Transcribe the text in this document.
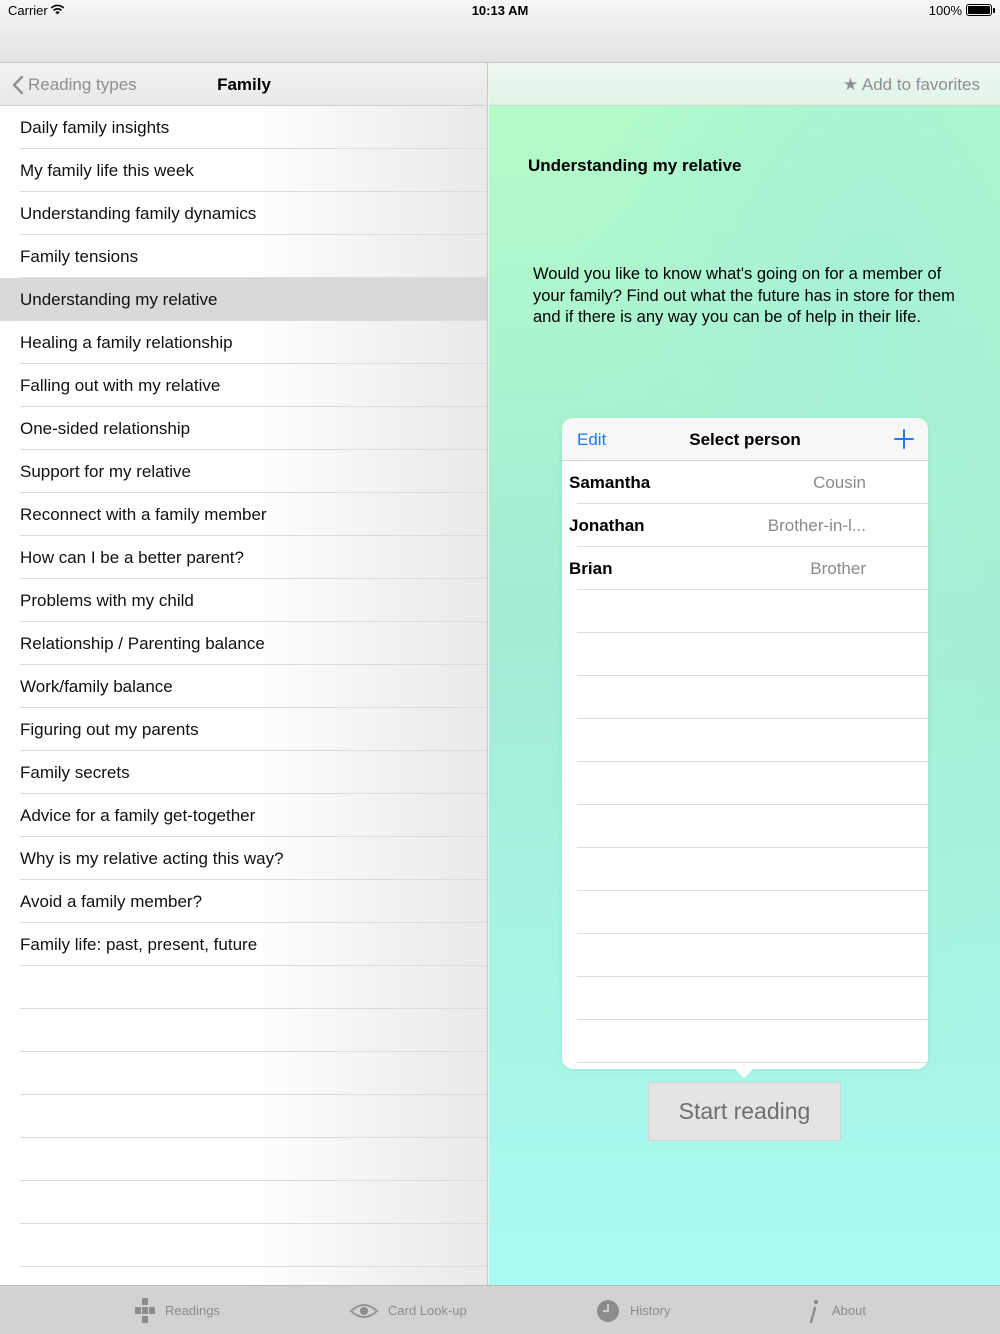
Carrier	10:13 AM	100%
Reading types	Family
Daily family insights
My family life this week
Understanding family dynamics
Family tensions
Understanding my relative
Healing a family relationship
Falling out with my relative
One-sided relationship
Support for my relative
Reconnect with a family member
How can I be a better parent?
Problems with my child
Relationship / Parenting balance
Work/family balance
Figuring out my parents
Family secrets
Advice for a family get-together
Why is my relative acting this way?
Avoid a family member?
Family life: past, present, future
★ Add to favorites
Understanding my relative
Would you like to know what's going on for a member of your family? Find out what the future has in store for them and if there is any way you can be of help in their life.
Edit	Select person
Samantha	Cousin
Jonathan	Brother-in-l...
Brian	Brother
Start reading
Readings	Card Look-up	History	About
